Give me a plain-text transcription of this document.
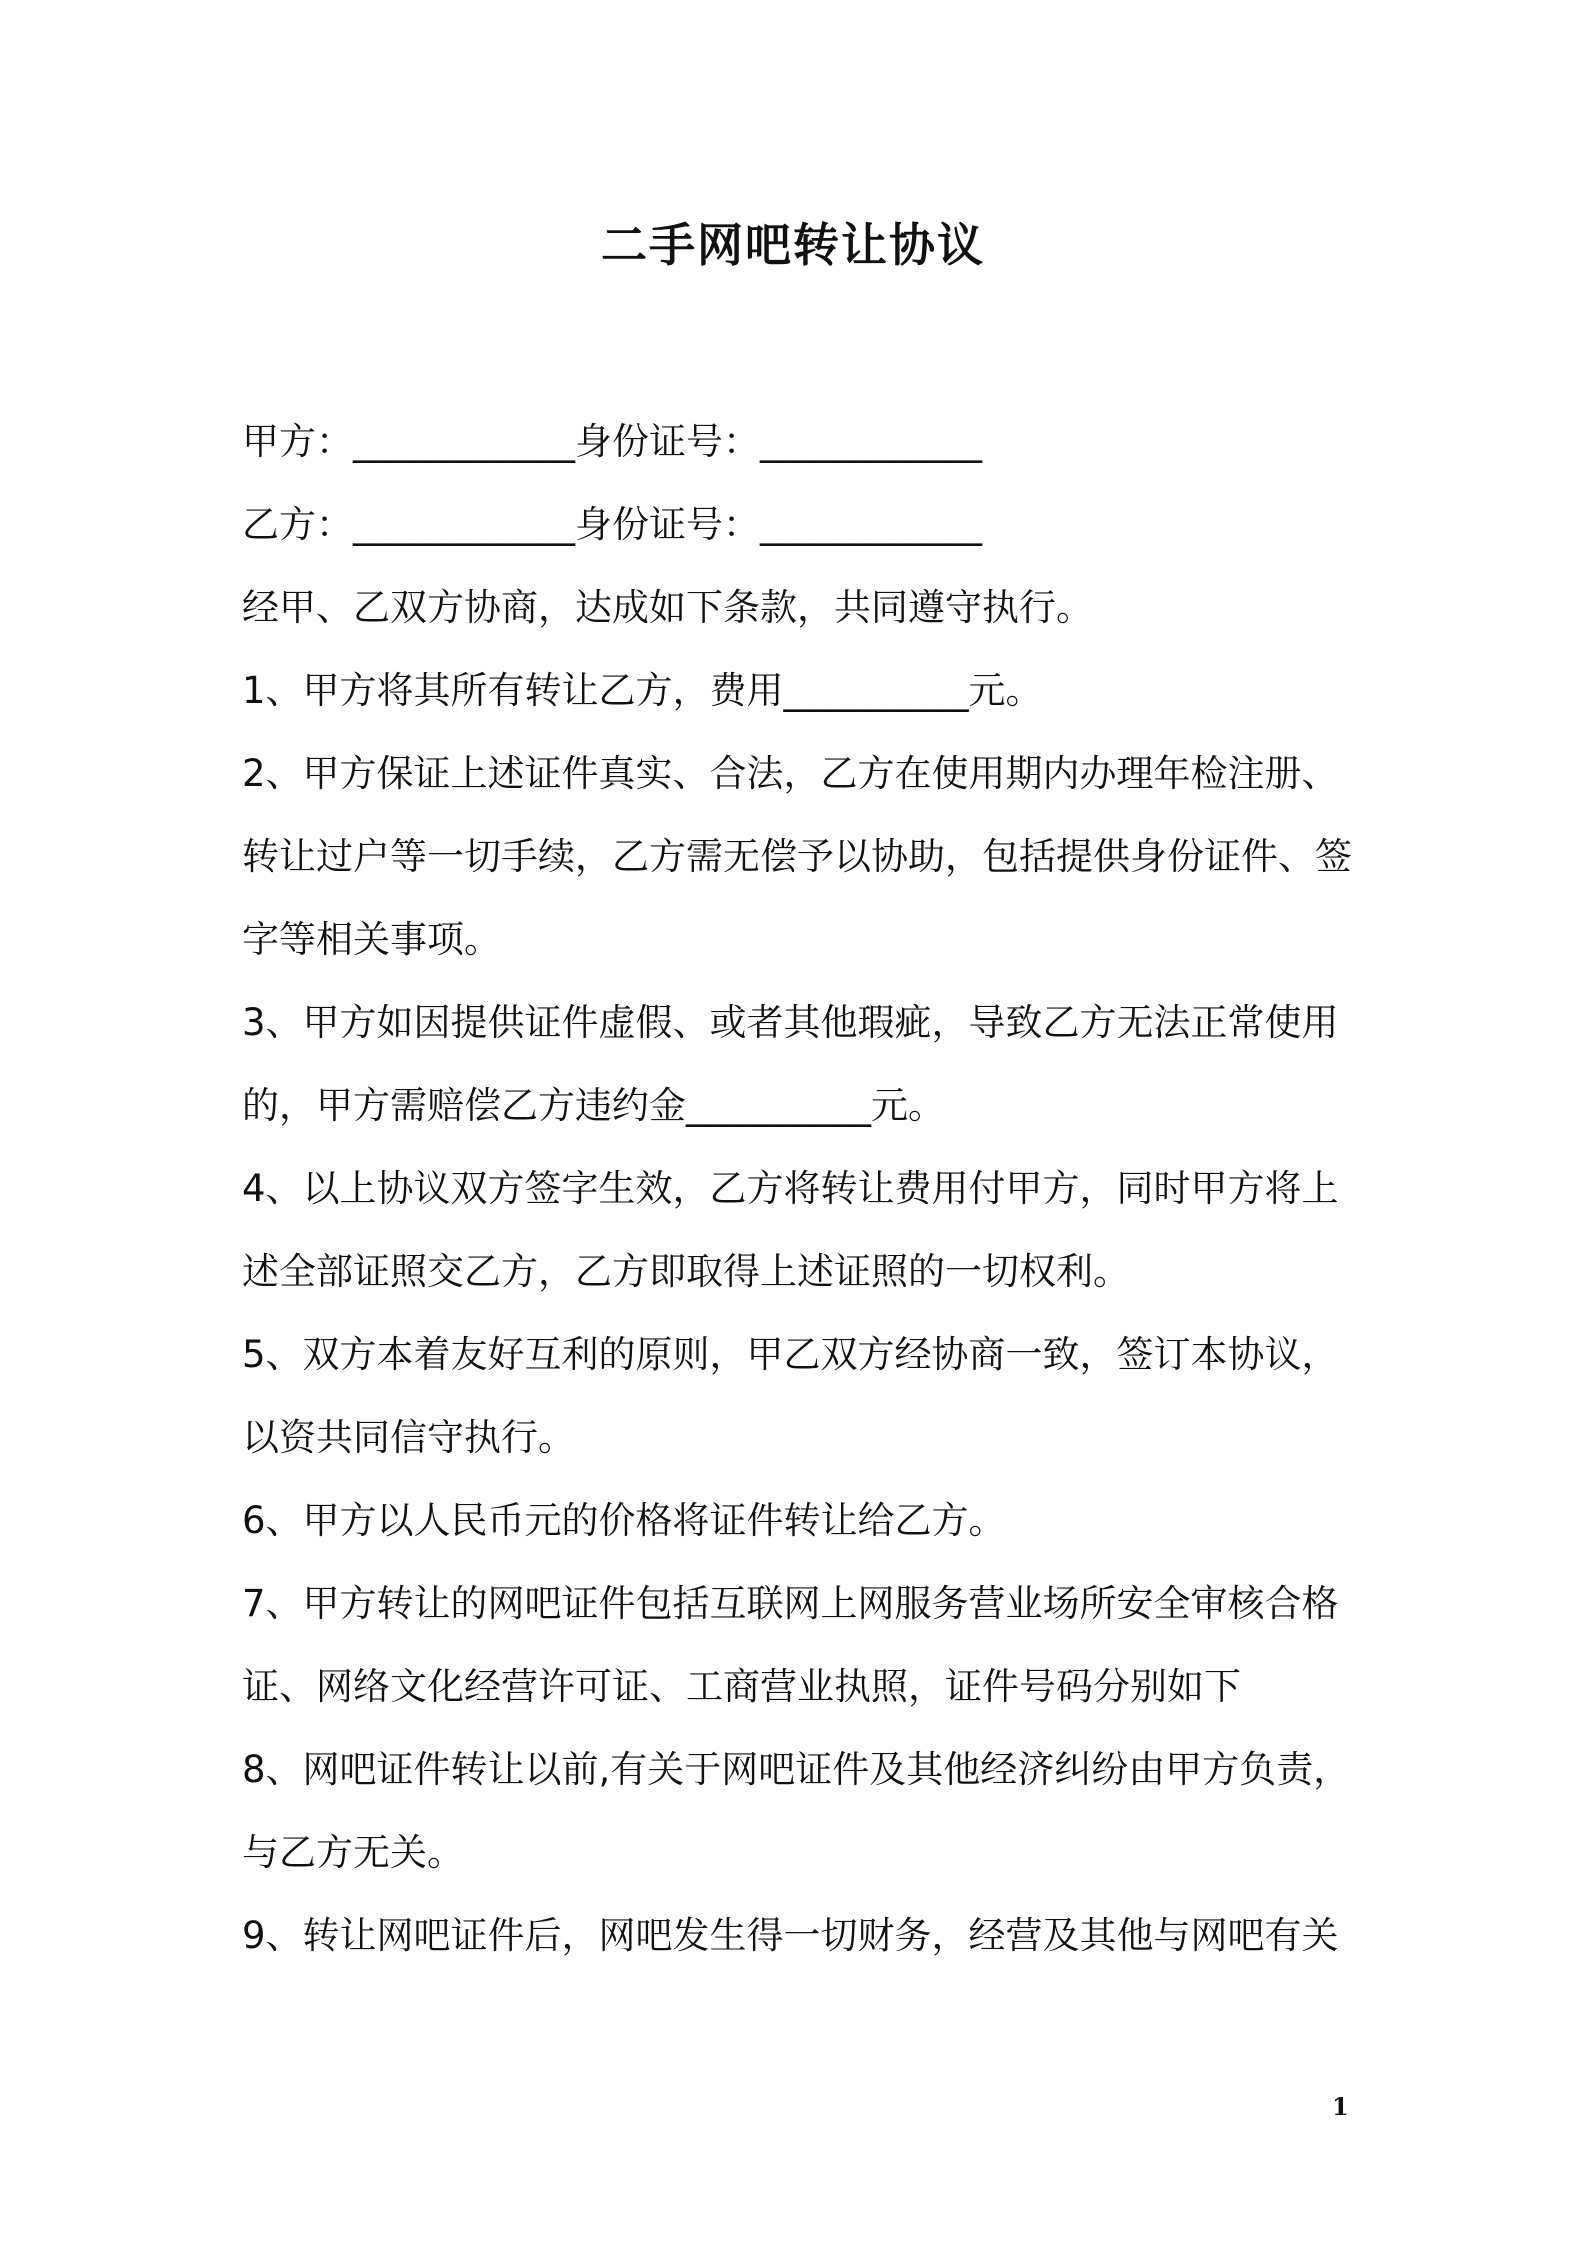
二手网吧转让协议
甲方：____________身份证号：____________
乙方：____________身份证号：____________
经甲、乙双方协商，达成如下条款，共同遵守执行。
1、甲方将其所有转让乙方，费用__________元。
2、甲方保证上述证件真实、合法，乙方在使用期内办理年检注册、
转让过户等一切手续，乙方需无偿予以协助，包括提供身份证件、签
字等相关事项。
3、甲方如因提供证件虚假、或者其他瑕疵，导致乙方无法正常使用
的，甲方需赔偿乙方违约金__________元。
4、以上协议双方签字生效，乙方将转让费用付甲方，同时甲方将上
述全部证照交乙方，乙方即取得上述证照的一切权利。
5、双方本着友好互利的原则，甲乙双方经协商一致，签订本协议，
以资共同信守执行。
6、甲方以人民币元的价格将证件转让给乙方。
7、甲方转让的网吧证件包括互联网上网服务营业场所安全审核合格
证、网络文化经营许可证、工商营业执照，证件号码分别如下
8、网吧证件转让以前,有关于网吧证件及其他经济纠纷由甲方负责，
与乙方无关。
9、转让网吧证件后，网吧发生得一切财务，经营及其他与网吧有关
1
